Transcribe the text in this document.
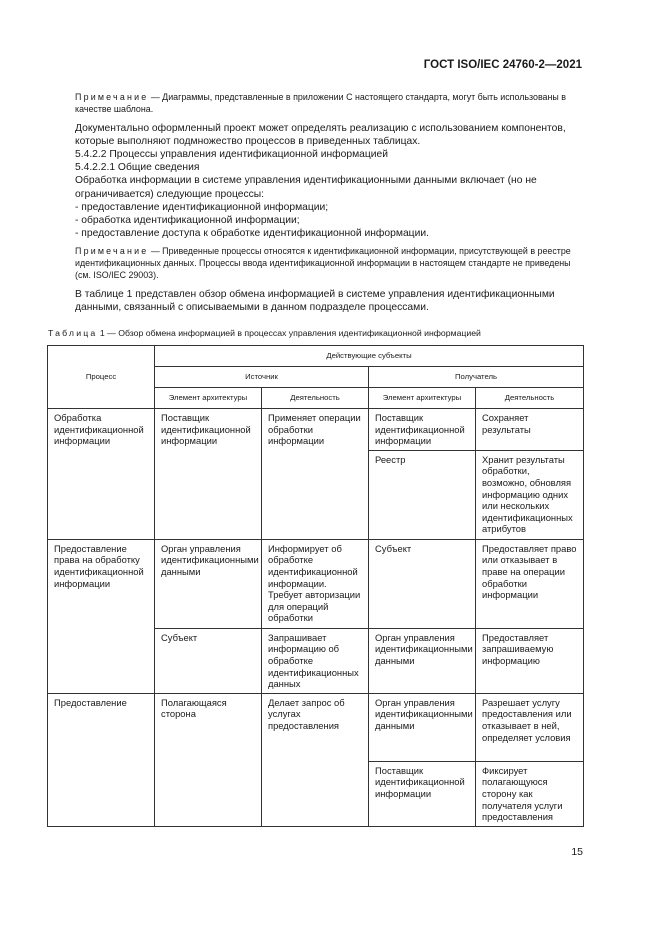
ГОСТ ISO/IEC 24760-2—2021

Примечание — Диаграммы, представленные в приложении С настоящего стандарта, могут быть использованы в качестве шаблона.

Документально оформленный проект может определять реализацию с использованием компонентов, которые выполняют подмножество процессов в приведенных таблицах.

5.4.2.2 Процессы управления идентификационной информацией

5.4.2.2.1 Общие сведения

Обработка информации в системе управления идентификационными данными включает (но не ограничивается) следующие процессы:

- предоставление идентификационной информации;
- обработка идентификационной информации;
- предоставление доступа к обработке идентификационной информации.

Примечание — Приведенные процессы относятся к идентификационной информации, присутствующей в реестре идентификационных данных. Процессы ввода идентификационной информации в настоящем стандарте не приведены (см. ISO/IEC 29003).

В таблице 1 представлен обзор обмена информацией в системе управления идентификационными данными, связанный с описываемыми в данном подразделе процессами.

Таблица 1 — Обзор обмена информацией в процессах управления идентификационной информацией
Процесс	Действующие субъекты			
	Источник		Получатель	
	Элемент архитектуры	Деятельность	Элемент архитектуры	Деятельность
Обработка идентификационной информации	Поставщик идентификационной информации	Применяет операции обработки информации	Поставщик идентификационной информации	Сохраняет результаты
			Реестр	Хранит результаты обработки, возможно, обновляя информацию одних или нескольких идентификационных атрибутов
Предоставление права на обработку идентификационной информации	Орган управления идентификационными данными	Информирует об обработке идентификационной информации. Требует авторизации для операций обработки	Субъект	Предоставляет право или отказывает в праве на операции обработки информации
	Субъект	Запрашивает информацию об обработке идентификационных данных	Орган управления идентификационными данными	Предоставляет запрашиваемую информацию
Предоставление	Полагающаяся сторона	Делает запрос об услугах предоставления	Орган управления идентификационными данными	Разрешает услугу предоставления или отказывает в ней, определяет условия
			Поставщик идентификационной информации	Фиксирует полагающуюся сторону как получателя услуги предоставления
15
